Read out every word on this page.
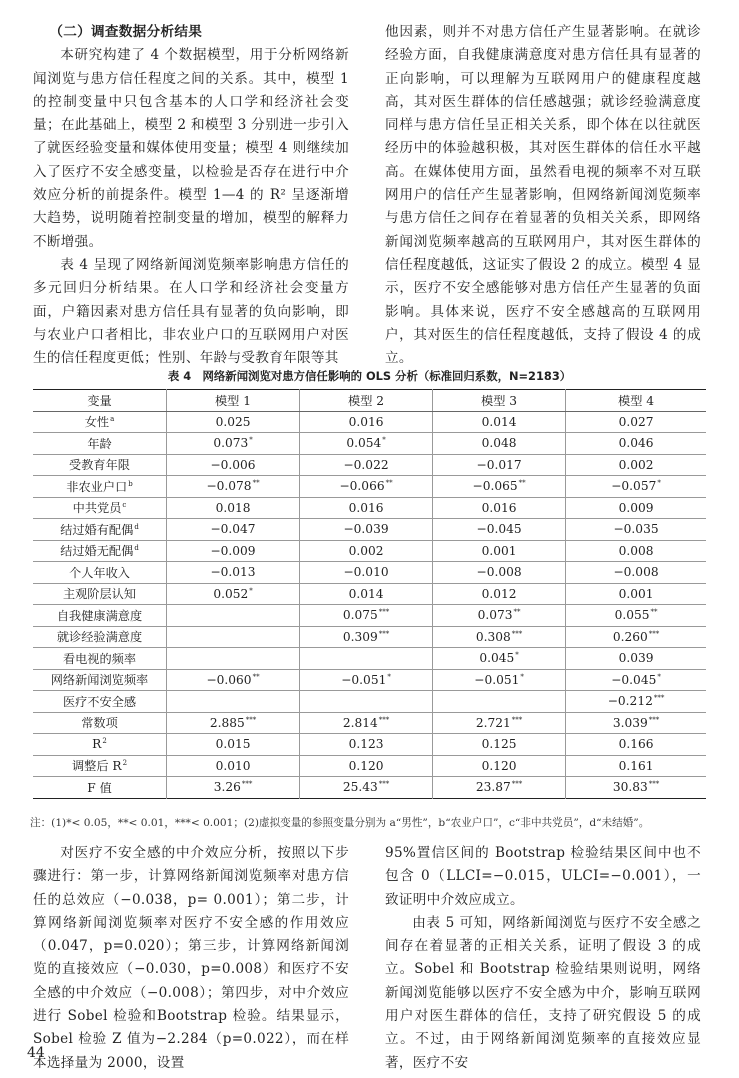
（二）调查数据分析结果

本研究构建了 4 个数据模型，用于分析网络新闻浏览与患方信任程度之间的关系。其中，模型 1 的控制变量中只包含基本的人口学和经济社会变量；在此基础上，模型 2 和模型 3 分别进一步引入了就医经验变量和媒体使用变量；模型 4 则继续加入了医疗不安全感变量，以检验是否存在进行中介效应分析的前提条件。模型 1—4 的 R² 呈逐渐增大趋势，说明随着控制变量的增加，模型的解释力不断增强。

表 4 呈现了网络新闻浏览频率影响患方信任的多元回归分析结果。在人口学和经济社会变量方面，户籍因素对患方信任具有显著的负向影响，即与农业户口者相比，非农业户口的互联网用户对医生的信任程度更低；性别、年龄与受教育年限等其

他因素，则并不对患方信任产生显著影响。在就诊经验方面，自我健康满意度对患方信任具有显著的正向影响，可以理解为互联网用户的健康程度越高，其对医生群体的信任感越强；就诊经验满意度同样与患方信任呈正相关关系，即个体在以往就医经历中的体验越积极，其对医生群体的信任水平越高。在媒体使用方面，虽然看电视的频率不对互联网用户的信任产生显著影响，但网络新闻浏览频率与患方信任之间存在着显著的负相关关系，即网络新闻浏览频率越高的互联网用户，其对医生群体的信任程度越低，这证实了假设 2 的成立。模型 4 显示，医疗不安全感能够对患方信任产生显著的负面影响。具体来说，医疗不安全感越高的互联网用户，其对医生的信任程度越低，支持了假设 4 的成立。

表 4　网络新闻浏览对患方信任影响的 OLS 分析（标准回归系数，N=2183）
变量	模型 1	模型 2	模型 3	模型 4
女性$^a$	0.025	0.016	0.014	0.027
年龄	0.073*	0.054*	0.048	0.046
受教育年限	−0.006	−0.022	−0.017	0.002
非农业户口$^b$	−0.078**	−0.066**	−0.065**	−0.057*
中共党员$^c$	0.018	0.016	0.016	0.009
结过婚有配偶$^d$	−0.047	−0.039	−0.045	−0.035
结过婚无配偶$^d$	−0.009	0.002	0.001	0.008
个人年收入	−0.013	−0.010	−0.008	−0.008
主观阶层认知	0.052*	0.014	0.012	0.001
自我健康满意度		0.075***	0.073**	0.055**
就诊经验满意度		0.309***	0.308***	0.260***
看电视的频率			0.045*	0.039
网络新闻浏览频率	−0.060**	−0.051*	−0.051*	−0.045*
医疗不安全感				−0.212***
常数项	2.885***	2.814***	2.721***	3.039***
$R^2$	0.015	0.123	0.125	0.166
调整后 $R^2$	0.010	0.120	0.120	0.161
F 值	3.26***	25.43***	23.87***	30.83***
注：(1)*< 0.05，**< 0.01，***< 0.001；(2)虚拟变量的参照变量分别为 a“男性”，b“农业户口”，c“非中共党员”，d“未结婚”。

对医疗不安全感的中介效应分析，按照以下步骤进行：第一步，计算网络新闻浏览频率对患方信任的总效应（−0.038，p= 0.001）；第二步，计算网络新闻浏览频率对医疗不安全感的作用效应（0.047，p=0.020）；第三步，计算网络新闻浏览的直接效应（−0.030，p=0.008）和医疗不安全感的中介效应（−0.008）；第四步，对中介效应进行 Sobel 检验和Bootstrap 检验。结果显示，Sobel 检验 Z 值为−2.284（p=0.022），而在样本选择量为 2000，设置

95%置信区间的 Bootstrap 检验结果区间中也不包含 0（LLCI=−0.015，ULCI=−0.001），一致证明中介效应成立。

由表 5 可知，网络新闻浏览与医疗不安全感之间存在着显著的正相关关系，证明了假设 3 的成立。Sobel 和 Bootstrap 检验结果则说明，网络新闻浏览能够以医疗不安全感为中介，影响互联网用户对医生群体的信任，支持了研究假设 5 的成立。不过，由于网络新闻浏览频率的直接效应显著，医疗不安

44
